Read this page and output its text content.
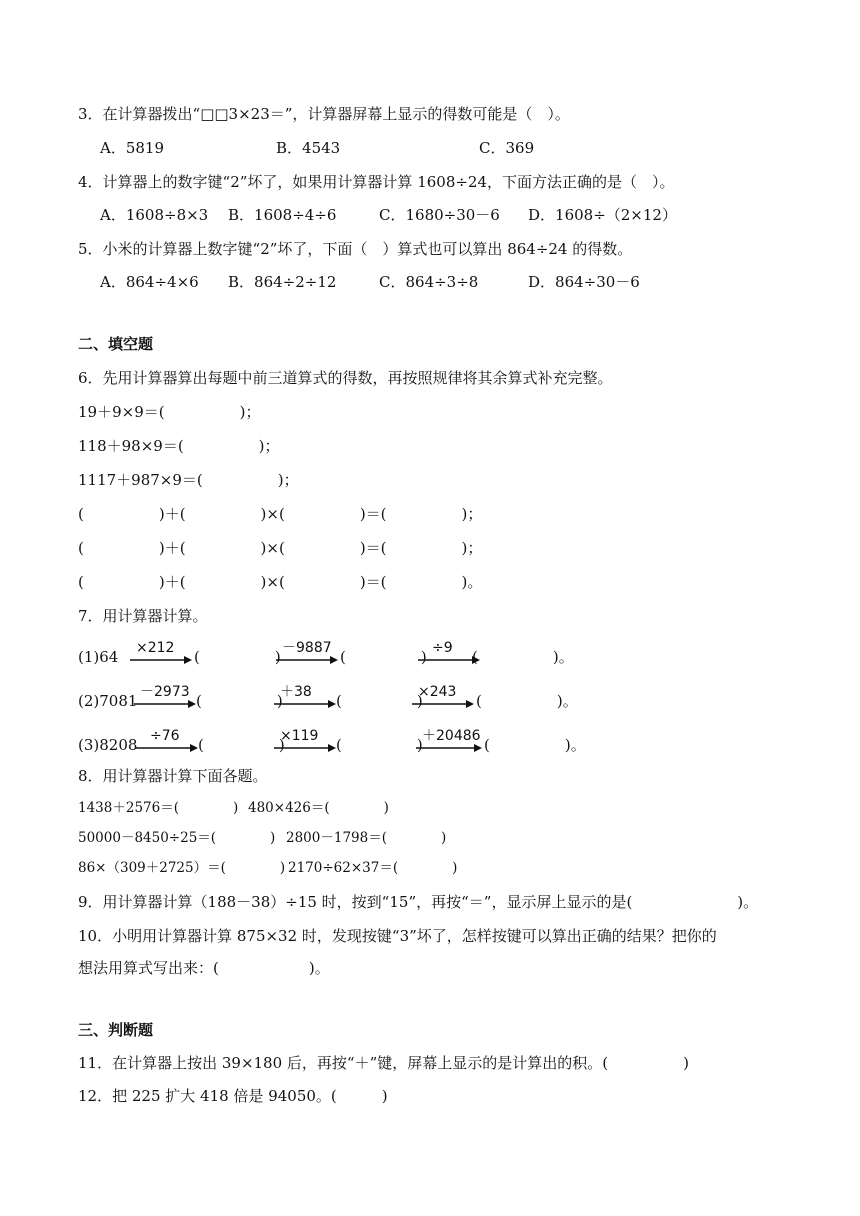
3．在计算器拨出“□□3×23＝”，计算器屏幕上显示的得数可能是（　）。
A．5819	B．4543	C．369
4．计算器上的数字键“2”坏了，如果用计算器计算 1608÷24，下面方法正确的是（　）。
A．1608÷8×3 B．1608÷4÷6	C．1680÷30－6 D．1608÷（2×12）
5．小米的计算器上数字键“2”坏了，下面（　）算式也可以算出 864÷24 的得数。
A．864÷4×6 B．864÷2÷12	C．864÷3÷8	D．864÷30－6
二、填空题
6．先用计算器算出每题中前三道算式的得数，再按照规律将其余算式补充完整。
19＋9×9＝(　　　　　)；
118＋98×9＝(　　　　　)；
1117＋987×9＝(　　　　　)；
(　　　　　)＋(　　　　　)×(　　　　　)＝(　　　　　)；
(　　　　　)＋(　　　　　)×(　　　　　)＝(　　　　　)；
(　　　　　)＋(　　　　　)×(　　　　　)＝(　　　　　)。
7．用计算器计算。
(1)64 ×212 (　　　　　) －9887 (　　　　　) ÷9 (　　　　　)。
(2)7081 －2973 (　　　　　)
＋38 (　　　　　)
×243 (　　　　　)。
(3)8208 ÷76 (　　　　　)
×119 (　　　　　) ＋20486 (　　　　　)。
8．用计算器计算下面各题。
1438＋2576＝(　　　　) 480×426＝(　　　　)
50000－8450÷25＝(　　　　) 2800－1798＝(　　　　)
86×（309＋2725）＝(　　　　) 2170÷62×37＝(　　　　)
9．用计算器计算（188－38）÷15 时，按到“15”，再按“＝”，显示屏上显示的是(　　　　　　　)。
10．小明用计算器计算 875×32 时，发现按键“3”坏了，怎样按键可以算出正确的结果？把你的
想法用算式写出来：(　　　　　　)。
三、判断题
11．在计算器上按出 39×180 后，再按“＋”键，屏幕上显示的是计算出的积。(　　　　　)
12．把 225 扩大 418 倍是 94050。(　　　)
